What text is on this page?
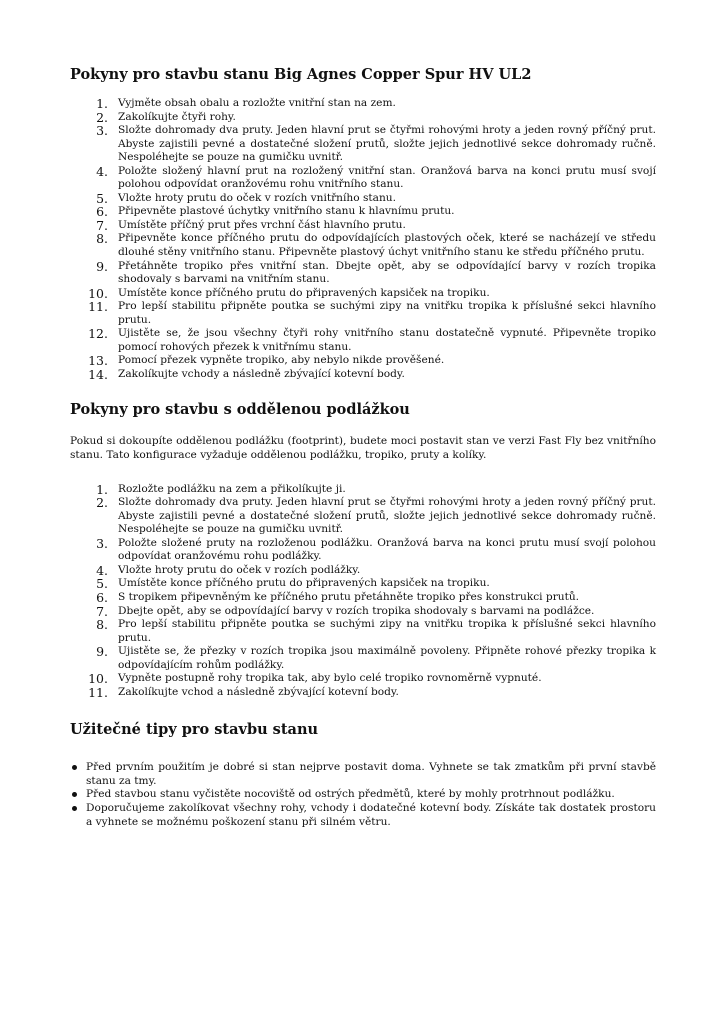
Pokyny pro stavbu stanu Big Agnes Copper Spur HV UL2
1. Vyjměte obsah obalu a rozložte vnitřní stan na zem.
2. Zakolíkujte čtyři rohy.
3. Složte dohromady dva pruty. Jeden hlavní prut se čtyřmi rohovými hroty a jeden rovný příčný prut. Abyste zajistili pevné a dostatečné složení prutů, složte jejich jednotlivé sekce dohromady ručně. Nespoléhejte se pouze na gumičku uvnitř.
4. Položte složený hlavní prut na rozložený vnitřní stan. Oranžová barva na konci prutu musí svojí polohou odpovídat oranžovému rohu vnitřního stanu.
5. Vložte hroty prutu do oček v rozích vnitřního stanu.
6. Připevněte plastové úchytky vnitřního stanu k hlavnímu prutu.
7. Umístěte příčný prut přes vrchní část hlavního prutu.
8. Připevněte konce příčného prutu do odpovídajících plastových oček, které se nacházejí ve středu dlouhé stěny vnitřního stanu. Připevněte plastový úchyt vnitřního stanu ke středu příčného prutu.
9. Přetáhněte tropiko přes vnitřní stan. Dbejte opět, aby se odpovídající barvy v rozích tropika shodovaly s barvami na vnitřním stanu.
10. Umístěte konce příčného prutu do připravených kapsiček na tropiku.
11. Pro lepší stabilitu připněte poutka se suchými zipy na vnitřku tropika k příslušné sekci hlavního prutu.
12. Ujistěte se, že jsou všechny čtyři rohy vnitřního stanu dostatečně vypnuté. Připevněte tropiko pomocí rohových přezek k vnitřnímu stanu.
13. Pomocí přezek vypněte tropiko, aby nebylo nikde prověšené.
14. Zakolíkujte vchody a následně zbývající kotevní body.
Pokyny pro stavbu s oddělenou podlážkou

Pokud si dokoupíte oddělenou podlážku (footprint), budete moci postavit stan ve verzi Fast Fly bez vnitřního stanu. Tato konfigurace vyžaduje oddělenou podlážku, tropiko, pruty a kolíky.

1. Rozložte podlážku na zem a přikolíkujte ji.
2. Složte dohromady dva pruty. Jeden hlavní prut se čtyřmi rohovými hroty a jeden rovný příčný prut. Abyste zajistili pevné a dostatečné složení prutů, složte jejich jednotlivé sekce dohromady ručně. Nespoléhejte se pouze na gumičku uvnitř.
3. Položte složené pruty na rozloženou podlážku. Oranžová barva na konci prutu musí svojí polohou odpovídat oranžovému rohu podlážky.
4. Vložte hroty prutu do oček v rozích podlážky.
5. Umístěte konce příčného prutu do připravených kapsiček na tropiku.
6. S tropikem připevněným ke příčného prutu přetáhněte tropiko přes konstrukci prutů.
7. Dbejte opět, aby se odpovídající barvy v rozích tropika shodovaly s barvami na podlážce.
8. Pro lepší stabilitu připněte poutka se suchými zipy na vnitřku tropika k příslušné sekci hlavního prutu.
9. Ujistěte se, že přezky v rozích tropika jsou maximálně povoleny. Připněte rohové přezky tropika k odpovídajícím rohům podlážky.
10. Vypněte postupně rohy tropika tak, aby bylo celé tropiko rovnoměrně vypnuté.
11. Zakolíkujte vchod a následně zbývající kotevní body.
Užitečné tipy pro stavbu stanu
Před prvním použitím je dobré si stan nejprve postavit doma. Vyhnete se tak zmatkům při první stavbě stanu za tmy.
Před stavbou stanu vyčistěte nocoviště od ostrých předmětů, které by mohly protrhnout podlážku.
Doporučujeme zakolíkovat všechny rohy, vchody i dodatečné kotevní body. Získáte tak dostatek prostoru a vyhnete se možnému poškození stanu při silném větru.
